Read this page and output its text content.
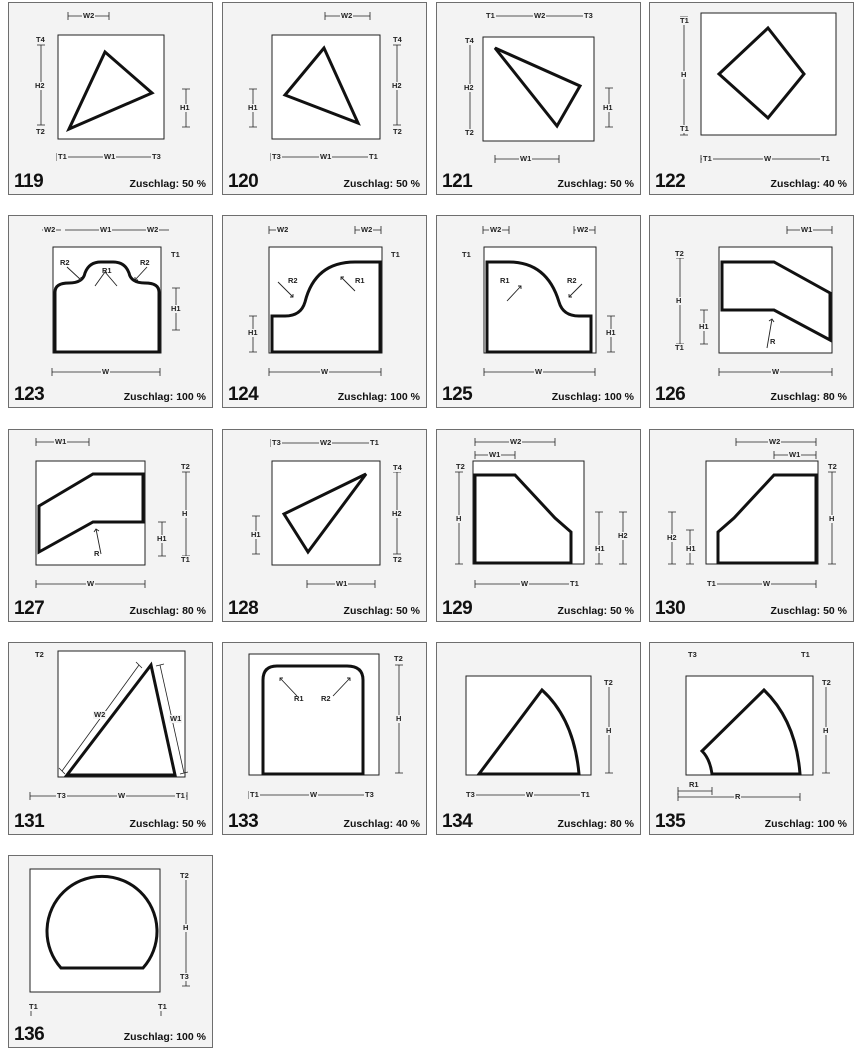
W2
T4
H2
T2
H1
T1	W1	T3
119	Zuschlag: 50 %
W2
T4
H2
T2
H1
T3	W1	T1
120	Zuschlag: 50 %
T1	W2	T3
T4
H2
T2
H1
W1
121	Zuschlag: 50 %
T1
H
T1
T1	W	T1
122	Zuschlag: 40 %
W2	W1	W2
R2
R1
R2
T1
H1
W
123	Zuschlag: 100 %
W2	W2
T1
R2	R1
H1
W
124	Zuschlag: 100 %
W2	W2
T1
R1	R2
H1
W
125	Zuschlag: 100 %
W1
T2
H
H1
T1
R
W
126	Zuschlag: 80 %
W1
T2
H
H1
T1
R
W
127	Zuschlag: 80 %
T3	W2	T1
T4
H2
T2
H1
W1
128	Zuschlag: 50 %
W2
W1
T2
H
H2
H1
W	T1
129	Zuschlag: 50 %
W2
W1
T2
H
H2
H1
T1	W
130	Zuschlag: 50 %
T2
W2	W1
T3	W	T1
131	Zuschlag: 50 %
T2
R1 R2
H
T1	W	T3
133	Zuschlag: 40 %
T2
H
T3	W	T1
134	Zuschlag: 80 %
T3	T1
T2
H
R1
R
135	Zuschlag: 100 %
T2
H
T3
T1	T1
136	Zuschlag: 100 %
